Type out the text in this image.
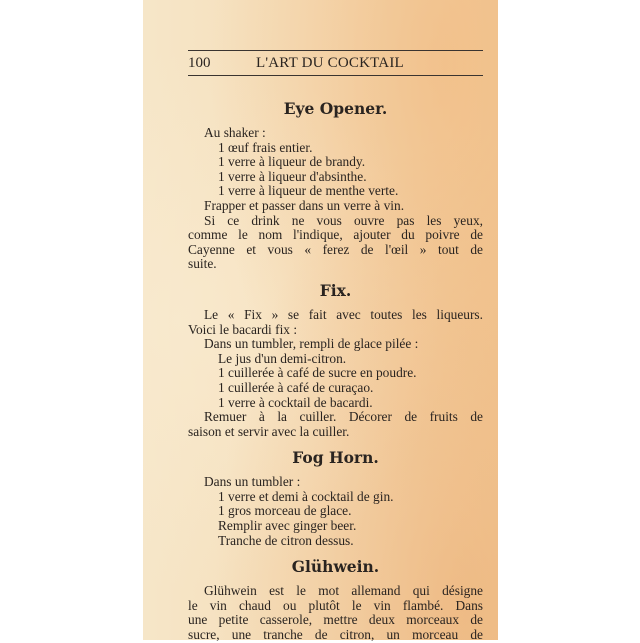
100	L'ART DU COCKTAIL
Eye Opener.
Au shaker :
1 œuf frais entier.
1 verre à liqueur de brandy.
1 verre à liqueur d'absinthe.
1 verre à liqueur de menthe verte.
Frapper et passer dans un verre à vin.
Si ce drink ne vous ouvre pas les yeux,
comme le nom l'indique, ajouter du poivre de
Cayenne et vous « ferez de l'œil » tout de
suite.
Fix.
Le « Fix » se fait avec toutes les liqueurs.
Voici le bacardi fix :
Dans un tumbler, rempli de glace pilée :
Le jus d'un demi-citron.
1 cuillerée à café de sucre en poudre.
1 cuillerée à café de curaçao.
1 verre à cocktail de bacardi.
Remuer à la cuiller. Décorer de fruits de
saison et servir avec la cuiller.
Fog Horn.
Dans un tumbler :
1 verre et demi à cocktail de gin.
1 gros morceau de glace.
Remplir avec ginger beer.
Tranche de citron dessus.
Glühwein.
Glühwein est le mot allemand qui désigne
le vin chaud ou plutôt le vin flambé. Dans
une petite casserole, mettre deux morceaux de
sucre, une tranche de citron, un morceau de
